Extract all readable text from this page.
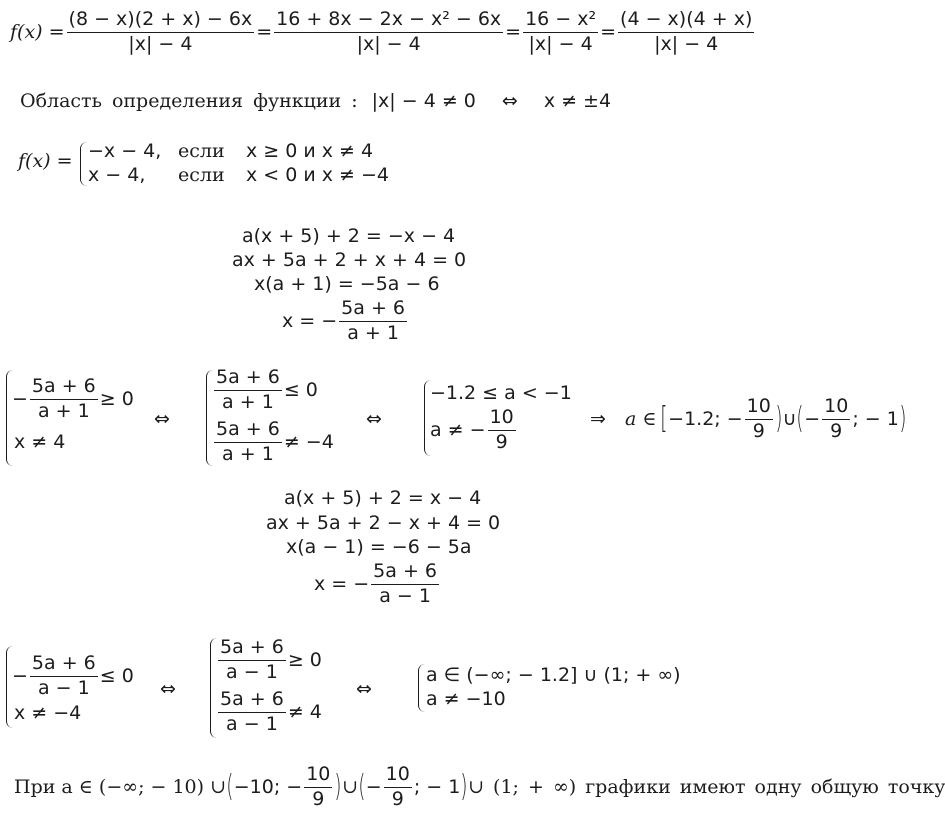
$f(x) = \frac{(8 - x)(2 + x) - 6x}{|x| - 4} = \frac{\text{16 + 8x − 2x − x² − 6x}}{|x| - 4} = \frac{\text{16 − x²}}{|x| - 4} = \frac{(4 - x)(4 + x)}{|x| - 4}$
Область определения функции : |x| − 4 ≠ 0 ⇔ x ≠ ±4
f(x) = −x − 4, если x ≥ 0 и x ≠ 4
x − 4, если x < 0 и x ≠ −4
a(x + 5) + 2 = −x − 4
ax + 5a + 2 + x + 4 = 0
x(a + 1) = −5a − 6
x = − $\frac{5a + 6}{a + 1}$
− $\frac{5a + 6}{a + 1} \ge 0$
x ≠ 4
⇔
$\frac{5a + 6}{a + 1} \le 0$
$\frac{5a + 6}{a + 1} \ne -4$
⇔
−1.2 ≤ a < −1
a ≠ − $\frac{10}{9}$	⇒ a ∈ [ −1.2; − $\frac{10}{9}$ ) ∪ ( − $\frac{10}{9}$ ; − 1 )
a(x + 5) + 2 = x − 4
ax + 5a + 2 − x + 4 = 0
x(a − 1) = −6 − 5a
x = − $\frac{5a + 6}{a - 1}$
− $\frac{5a + 6}{a - 1} \le 0$
x ≠ −4
⇔
$\frac{5a + 6}{a - 1} \ge 0$
$\frac{5a + 6}{a - 1} \ne 4$
⇔
a ∈ (−∞; − 1.2] ∪ (1; + ∞)
a ≠ −10
При a ∈ (−∞; − 10) ∪ ( −10; − $\frac{10}{9}$ ) ∪ ( − $\frac{10}{9}$ ; − 1 ) ∪ (1; + ∞) графики имеют одну общую точку
